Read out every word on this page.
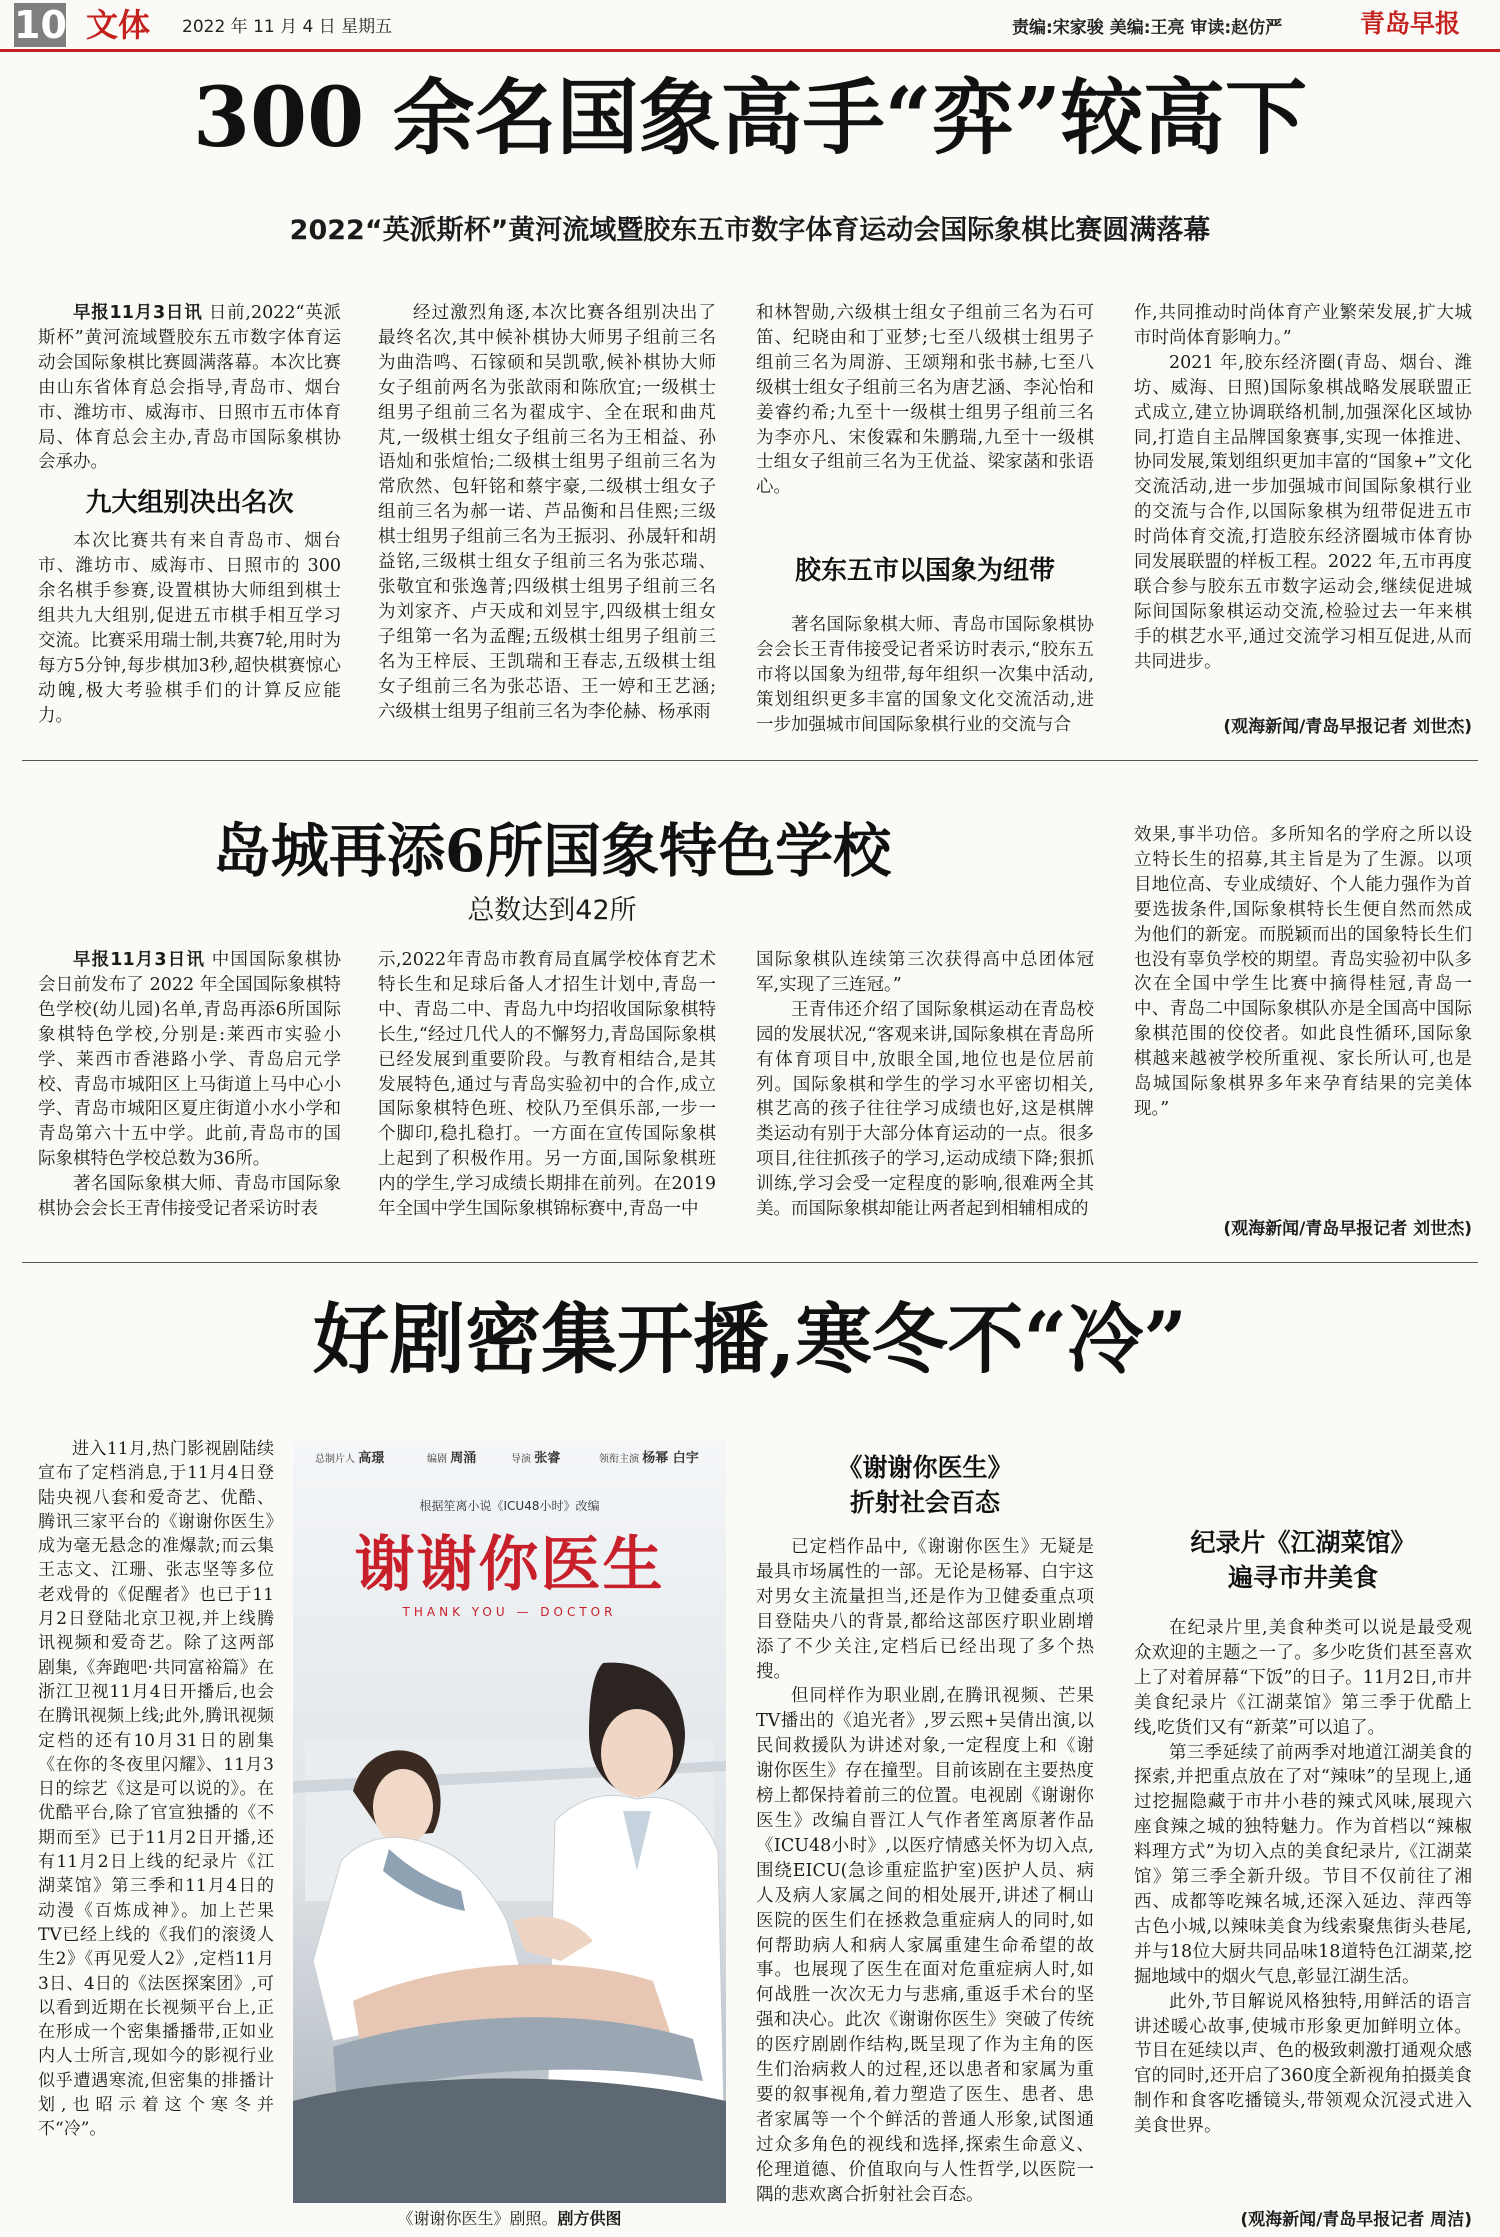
10 文体 2022 年 11 月 4 日 星期五	责编:宋家骏 美编:王亮 审读:赵仿严	青岛早报
300 余名国象高手“弈”较高下
2022“英派斯杯”黄河流域暨胶东五市数字体育运动会国际象棋比赛圆满落幕

早报11月3日讯 日前,2022“英派斯杯”黄河流域暨胶东五市数字体育运动会国际象棋比赛圆满落幕。本次比赛由山东省体育总会指导,青岛市、烟台市、潍坊市、威海市、日照市五市体育局、体育总会主办,青岛市国际象棋协会承办。

九大组别决出名次

本次比赛共有来自青岛市、烟台市、潍坊市、威海市、日照市的 300 余名棋手参赛,设置棋协大师组到棋士组共九大组别,促进五市棋手相互学习交流。比赛采用瑞士制,共赛7轮,用时为每方5分钟,每步棋加3秒,超快棋赛惊心动魄,极大考验棋手们的计算反应能力。

经过激烈角逐,本次比赛各组别决出了最终名次,其中候补棋协大师男子组前三名为曲浩鸣、石镓硕和吴凯歌,候补棋协大师女子组前两名为张歆雨和陈欣宜;一级棋士组男子组前三名为翟成宇、全在珉和曲芃芃,一级棋士组女子组前三名为王相益、孙语灿和张煊怡;二级棋士组男子组前三名为常欣然、包轩铭和蔡宇豪,二级棋士组女子组前三名为郝一诺、芦品衡和吕佳熙;三级棋士组男子组前三名为王振羽、孙晟轩和胡益铭,三级棋士组女子组前三名为张芯瑞、张敬宜和张逸菁;四级棋士组男子组前三名为刘家齐、卢天成和刘昱宇,四级棋士组女子组第一名为孟醒;五级棋士组男子组前三名为王梓辰、王凯瑞和王春志,五级棋士组女子组前三名为张芯语、王一婷和王艺涵;六级棋士组男子组前三名为李伦赫、杨承雨

和林智勋,六级棋士组女子组前三名为石可笛、纪晓由和丁亚梦;七至八级棋士组男子组前三名为周游、王颂翔和张书赫,七至八级棋士组女子组前三名为唐艺涵、李沁怡和姜睿约希;九至十一级棋士组男子组前三名为李亦凡、宋俊霖和朱鹏瑞,九至十一级棋士组女子组前三名为王优益、梁家菡和张语心。

胶东五市以国象为纽带

著名国际象棋大师、青岛市国际象棋协会会长王青伟接受记者采访时表示,“胶东五市将以国象为纽带,每年组织一次集中活动,策划组织更多丰富的国象文化交流活动,进一步加强城市间国际象棋行业的交流与合

作,共同推动时尚体育产业繁荣发展,扩大城市时尚体育影响力。”

2021 年,胶东经济圈(青岛、烟台、潍坊、威海、日照)国际象棋战略发展联盟正式成立,建立协调联络机制,加强深化区域协同,打造自主品牌国象赛事,实现一体推进、协同发展,策划组织更加丰富的“国象+”文化交流活动,进一步加强城市间国际象棋行业的交流与合作,以国际象棋为纽带促进五市时尚体育交流,打造胶东经济圈城市体育协同发展联盟的样板工程。2022 年,五市再度联合参与胶东五市数字运动会,继续促进城际间国际象棋运动交流,检验过去一年来棋手的棋艺水平,通过交流学习相互促进,从而共同进步。

(观海新闻/青岛早报记者 刘世杰)
岛城再添6所国象特色学校
总数达到42所

早报11月3日讯 中国国际象棋协会日前发布了 2022 年全国国际象棋特色学校(幼儿园)名单,青岛再添6所国际象棋特色学校,分别是:莱西市实验小学、莱西市香港路小学、青岛启元学校、青岛市城阳区上马街道上马中心小学、青岛市城阳区夏庄街道小水小学和青岛第六十五中学。此前,青岛市的国际象棋特色学校总数为36所。

著名国际象棋大师、青岛市国际象棋协会会长王青伟接受记者采访时表

示,2022年青岛市教育局直属学校体育艺术特长生和足球后备人才招生计划中,青岛一中、青岛二中、青岛九中均招收国际象棋特长生,“经过几代人的不懈努力,青岛国际象棋已经发展到重要阶段。与教育相结合,是其发展特色,通过与青岛实验初中的合作,成立国际象棋特色班、校队乃至俱乐部,一步一个脚印,稳扎稳打。一方面在宣传国际象棋上起到了积极作用。另一方面,国际象棋班内的学生,学习成绩长期排在前列。在2019年全国中学生国际象棋锦标赛中,青岛一中

国际象棋队连续第三次获得高中总团体冠军,实现了三连冠。”

王青伟还介绍了国际象棋运动在青岛校园的发展状况,“客观来讲,国际象棋在青岛所有体育项目中,放眼全国,地位也是位居前列。国际象棋和学生的学习水平密切相关,棋艺高的孩子往往学习成绩也好,这是棋牌类运动有别于大部分体育运动的一点。很多项目,往往抓孩子的学习,运动成绩下降;狠抓训练,学习会受一定程度的影响,很难两全其美。而国际象棋却能让两者起到相辅相成的

效果,事半功倍。多所知名的学府之所以设立特长生的招募,其主旨是为了生源。以项目地位高、专业成绩好、个人能力强作为首要选拔条件,国际象棋特长生便自然而然成为他们的新宠。而脱颖而出的国象特长生们也没有辜负学校的期望。青岛实验初中队多次在全国中学生比赛中摘得桂冠,青岛一中、青岛二中国际象棋队亦是全国高中国际象棋范围的佼佼者。如此良性循环,国际象棋越来越被学校所重视、家长所认可,也是岛城国际象棋界多年来孕育结果的完美体现。”

(观海新闻/青岛早报记者 刘世杰)
好剧密集开播,寒冬不“冷”

进入11月,热门影视剧陆续宣布了定档消息,于11月4日登陆央视八套和爱奇艺、优酷、腾讯三家平台的《谢谢你医生》成为毫无悬念的准爆款;而云集王志文、江珊、张志坚等多位老戏骨的《促醒者》也已于11月2日登陆北京卫视,并上线腾讯视频和爱奇艺。除了这两部剧集,《奔跑吧·共同富裕篇》在浙江卫视11月4日开播后,也会在腾讯视频上线;此外,腾讯视频定档的还有10月31日的剧集《在你的冬夜里闪耀》、11月3日的综艺《这是可以说的》。在优酷平台,除了官宣独播的《不期而至》已于11月2日开播,还有11月2日上线的纪录片《江湖菜馆》第三季和11月4日的动漫《百炼成神》。加上芒果TV已经上线的《我们的滚烫人生2》《再见爱人2》,定档11月3日、4日的《法医探案团》,可以看到近期在长视频平台上,正在形成一个密集播播带,正如业内人士所言,现如今的影视行业似乎遭遇寒流,但密集的排播计划,也昭示着这个寒冬并不“冷”。

总制片人 高璟	编剧 周涌	导演 张睿	领衔主演 杨幂 白宇
根据笙离小说《ICU48小时》改编
谢谢你医生
THANK YOU — DOCTOR
《谢谢你医生》剧照。剧方供图
《谢谢你医生》
折射社会百态

已定档作品中,《谢谢你医生》无疑是最具市场属性的一部。无论是杨幂、白宇这对男女主流量担当,还是作为卫健委重点项目登陆央八的背景,都给这部医疗职业剧增添了不少关注,定档后已经出现了多个热搜。

但同样作为职业剧,在腾讯视频、芒果TV播出的《追光者》,罗云熙+吴倩出演,以民间救援队为讲述对象,一定程度上和《谢谢你医生》存在撞型。目前该剧在主要热度榜上都保持着前三的位置。电视剧《谢谢你医生》改编自晋江人气作者笙离原著作品《ICU48小时》,以医疗情感关怀为切入点,围绕EICU(急诊重症监护室)医护人员、病人及病人家属之间的相处展开,讲述了桐山医院的医生们在拯救急重症病人的同时,如何帮助病人和病人家属重建生命希望的故事。也展现了医生在面对危重症病人时,如何战胜一次次无力与悲痛,重返手术台的坚强和决心。此次《谢谢你医生》突破了传统的医疗剧剧作结构,既呈现了作为主角的医生们治病救人的过程,还以患者和家属为重要的叙事视角,着力塑造了医生、患者、患者家属等一个个鲜活的普通人形象,试图通过众多角色的视线和选择,探索生命意义、伦理道德、价值取向与人性哲学,以医院一隅的悲欢离合折射社会百态。

纪录片《江湖菜馆》
遍寻市井美食

在纪录片里,美食种类可以说是最受观众欢迎的主题之一了。多少吃货们甚至喜欢上了对着屏幕“下饭”的日子。11月2日,市井美食纪录片《江湖菜馆》第三季于优酷上线,吃货们又有“新菜”可以追了。

第三季延续了前两季对地道江湖美食的探索,并把重点放在了对“辣味”的呈现上,通过挖掘隐藏于市井小巷的辣式风味,展现六座食辣之城的独特魅力。作为首档以“辣椒料理方式”为切入点的美食纪录片,《江湖菜馆》第三季全新升级。节目不仅前往了湘西、成都等吃辣名城,还深入延边、萍西等古色小城,以辣味美食为线索聚焦街头巷尾,并与18位大厨共同品味18道特色江湖菜,挖掘地域中的烟火气息,彰显江湖生活。

此外,节目解说风格独特,用鲜活的语言讲述暖心故事,使城市形象更加鲜明立体。节目在延续以声、色的极致刺激打通观众感官的同时,还开启了360度全新视角拍摄美食制作和食客吃播镜头,带领观众沉浸式进入美食世界。

(观海新闻/青岛早报记者 周洁)
